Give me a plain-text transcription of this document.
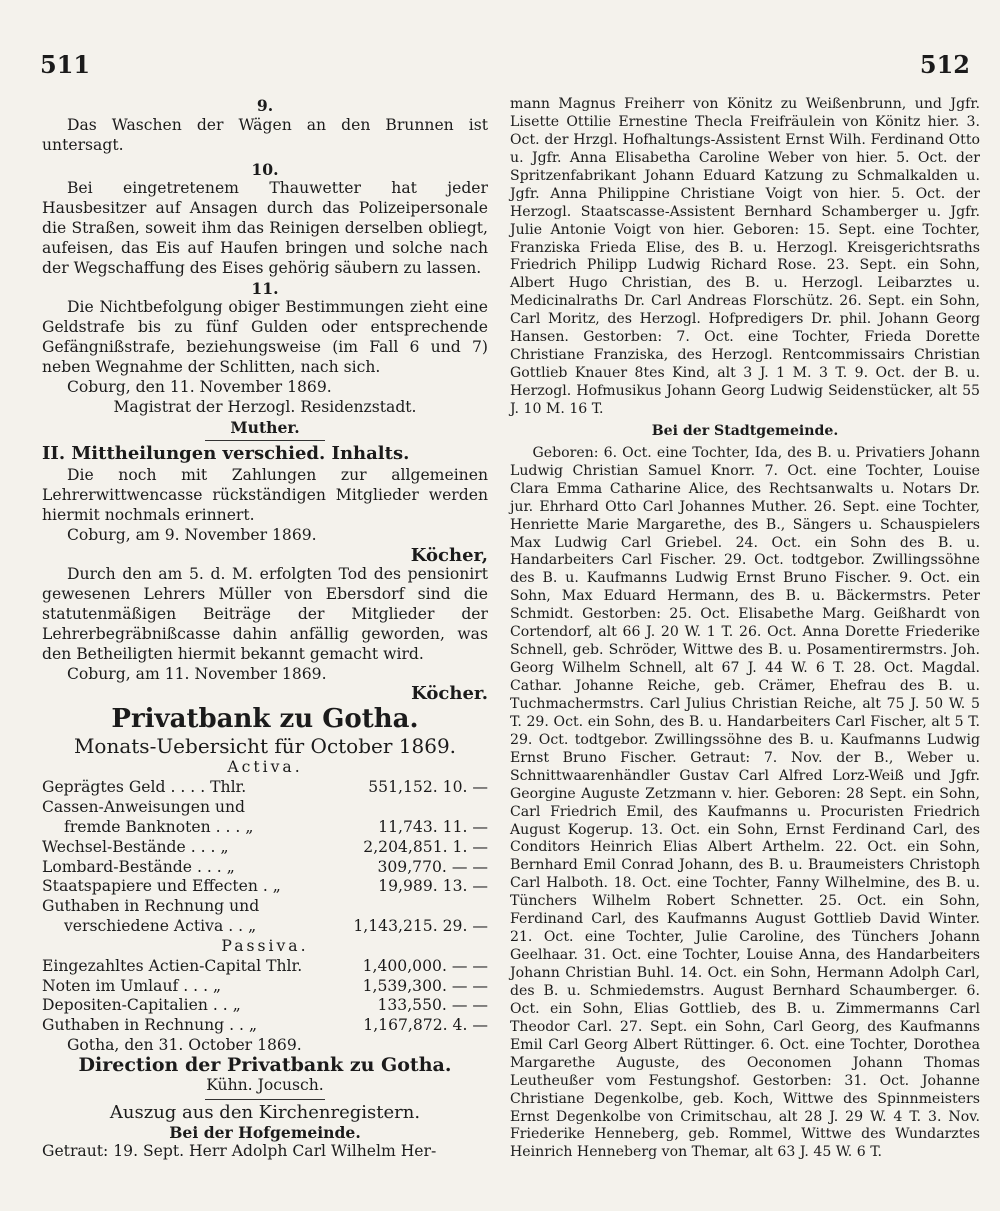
511	512
9.

Das Waschen der Wägen an den Brunnen ist untersagt.

10.

Bei eingetretenem Thauwetter hat jeder Hausbesitzer auf Ansagen durch das Polizeipersonale die Straßen, soweit ihm das Reinigen derselben obliegt, aufeisen, das Eis auf Haufen bringen und solche nach der Wegschaffung des Eises gehörig säubern zu lassen.

11.

Die Nichtbefolgung obiger Bestimmungen zieht eine Geldstrafe bis zu fünf Gulden oder entsprechende Gefängnißstrafe, beziehungsweise (im Fall 6 und 7) neben Wegnahme der Schlitten, nach sich.

Coburg, den 11. November 1869.

Magistrat der Herzogl. Residenzstadt.
Muther.
II. Mittheilungen verschied. Inhalts.

Die noch mit Zahlungen zur allgemeinen Lehrerwittwencasse rückständigen Mitglieder werden hiermit nochmals erinnert.

Coburg, am 9. November 1869.

Köcher,

Durch den am 5. d. M. erfolgten Tod des pensionirt gewesenen Lehrers Müller von Ebersdorf sind die statutenmäßigen Beiträge der Mitglieder der Lehrerbegräbnißcasse dahin anfällig geworden, was den Betheiligten hiermit bekannt gemacht wird.

Coburg, am 11. November 1869.

Köcher.
Privatbank zu Gotha.
Monats-Uebersicht für October 1869.
Activa.
Geprägtes Geld . . . . Thlr.	551,152. 10. —
Cassen-Anweisungen und	
fremde Banknoten . . . „	11,743. 11. —
Wechsel-Bestände . . . „	2,204,851. 1. —
Lombard-Bestände . . . „	309,770. — —
Staatspapiere und Effecten . „	19,989. 13. —
Guthaben in Rechnung und	
verschiedene Activa . . „	1,143,215. 29. —
Passiva.
Eingezahltes Actien-Capital Thlr.	1,400,000. — —
Noten im Umlauf . . . „	1,539,300. — —
Depositen-Capitalien . . „	133,550. — —
Guthaben in Rechnung . . „	1,167,872. 4. —

Gotha, den 31. October 1869.

Direction der Privatbank zu Gotha.
Kühn. Jocusch.
Auszug aus den Kirchenregistern.
Bei der Hofgemeinde.

Getraut: 19. Sept. Herr Adolph Carl Wilhelm Her-

mann Magnus Freiherr von Könitz zu Weißenbrunn, und Jgfr. Lisette Ottilie Ernestine Thecla Freifräulein von Könitz hier. 3. Oct. der Hrzgl. Hofhaltungs-Assistent Ernst Wilh. Ferdinand Otto u. Jgfr. Anna Elisabetha Caroline Weber von hier. 5. Oct. der Spritzenfabrikant Johann Eduard Katzung zu Schmalkalden u. Jgfr. Anna Philippine Christiane Voigt von hier. 5. Oct. der Herzogl. Staatscasse-Assistent Bernhard Schamberger u. Jgfr. Julie Antonie Voigt von hier. Geboren: 15. Sept. eine Tochter, Franziska Frieda Elise, des B. u. Herzogl. Kreisgerichtsraths Friedrich Philipp Ludwig Richard Rose. 23. Sept. ein Sohn, Albert Hugo Christian, des B. u. Herzogl. Leibarztes u. Medicinalraths Dr. Carl Andreas Florschütz. 26. Sept. ein Sohn, Carl Moritz, des Herzogl. Hofpredigers Dr. phil. Johann Georg Hansen. Gestorben: 7. Oct. eine Tochter, Frieda Dorette Christiane Franziska, des Herzogl. Rentcommissairs Christian Gottlieb Knauer 8tes Kind, alt 3 J. 1 M. 3 T. 9. Oct. der B. u. Herzogl. Hofmusikus Johann Georg Ludwig Seidenstücker, alt 55 J. 10 M. 16 T.

Bei der Stadtgemeinde.

Geboren: 6. Oct. eine Tochter, Ida, des B. u. Privatiers Johann Ludwig Christian Samuel Knorr. 7. Oct. eine Tochter, Louise Clara Emma Catharine Alice, des Rechtsanwalts u. Notars Dr. jur. Ehrhard Otto Carl Johannes Muther. 26. Sept. eine Tochter, Henriette Marie Margarethe, des B., Sängers u. Schauspielers Max Ludwig Carl Griebel. 24. Oct. ein Sohn des B. u. Handarbeiters Carl Fischer. 29. Oct. todtgebor. Zwillingssöhne des B. u. Kaufmanns Ludwig Ernst Bruno Fischer. 9. Oct. ein Sohn, Max Eduard Hermann, des B. u. Bäckermstrs. Peter Schmidt. Gestorben: 25. Oct. Elisabethe Marg. Geißhardt von Cortendorf, alt 66 J. 20 W. 1 T. 26. Oct. Anna Dorette Friederike Schnell, geb. Schröder, Wittwe des B. u. Posamentirermstrs. Joh. Georg Wilhelm Schnell, alt 67 J. 44 W. 6 T. 28. Oct. Magdal. Cathar. Johanne Reiche, geb. Crämer, Ehefrau des B. u. Tuchmachermstrs. Carl Julius Christian Reiche, alt 75 J. 50 W. 5 T. 29. Oct. ein Sohn, des B. u. Handarbeiters Carl Fischer, alt 5 T. 29. Oct. todtgebor. Zwillingssöhne des B. u. Kaufmanns Ludwig Ernst Bruno Fischer. Getraut: 7. Nov. der B., Weber u. Schnittwaarenhändler Gustav Carl Alfred Lorz-Weiß und Jgfr. Georgine Auguste Zetzmann v. hier. Geboren: 28 Sept. ein Sohn, Carl Friedrich Emil, des Kaufmanns u. Procuristen Friedrich August Kogerup. 13. Oct. ein Sohn, Ernst Ferdinand Carl, des Conditors Heinrich Elias Albert Arthelm. 22. Oct. ein Sohn, Bernhard Emil Conrad Johann, des B. u. Braumeisters Christoph Carl Halboth. 18. Oct. eine Tochter, Fanny Wilhelmine, des B. u. Tünchers Wilhelm Robert Schnetter. 25. Oct. ein Sohn, Ferdinand Carl, des Kaufmanns August Gottlieb David Winter. 21. Oct. eine Tochter, Julie Caroline, des Tünchers Johann Geelhaar. 31. Oct. eine Tochter, Louise Anna, des Handarbeiters Johann Christian Buhl. 14. Oct. ein Sohn, Hermann Adolph Carl, des B. u. Schmiedemstrs. August Bernhard Schaumberger. 6. Oct. ein Sohn, Elias Gottlieb, des B. u. Zimmermanns Carl Theodor Carl. 27. Sept. ein Sohn, Carl Georg, des Kaufmanns Emil Carl Georg Albert Rüttinger. 6. Oct. eine Tochter, Dorothea Margarethe Auguste, des Oeconomen Johann Thomas Leutheußer vom Festungshof. Gestorben: 31. Oct. Johanne Christiane Degenkolbe, geb. Koch, Wittwe des Spinnmeisters Ernst Degenkolbe von Crimitschau, alt 28 J. 29 W. 4 T. 3. Nov. Friederike Henneberg, geb. Rommel, Wittwe des Wundarztes Heinrich Henneberg von Themar, alt 63 J. 45 W. 6 T.
